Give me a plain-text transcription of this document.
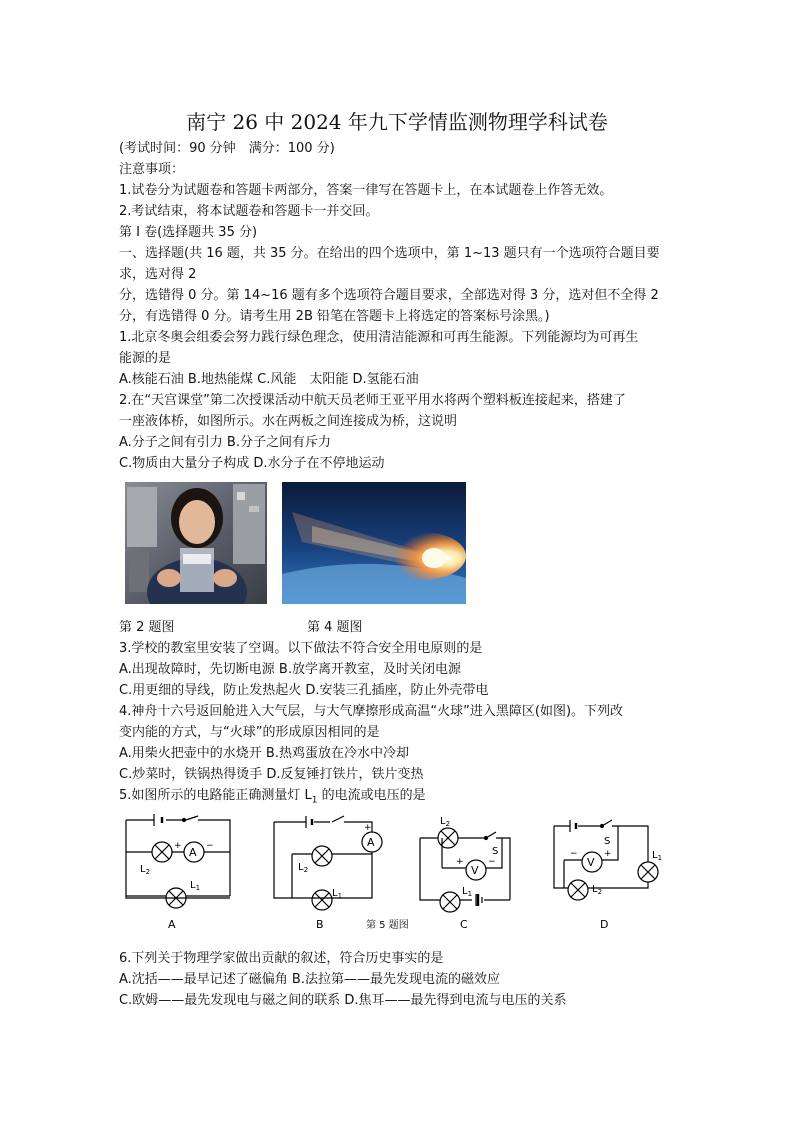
南宁 26 中 2024 年九下学情监测物理学科试卷
(考试时间：90 分钟　满分：100 分)
注意事项：
1.试卷分为试题卷和答题卡两部分，答案一律写在答题卡上，在本试题卷上作答无效。
2.考试结束，将本试题卷和答题卡一并交回。
第 I 卷(选择题共 35 分)
一、选择题(共 16 题，共 35 分。在给出的四个选项中，第 1~13 题只有一个选项符合题目要
求，选对得 2
分，选错得 0 分。第 14~16 题有多个选项符合题目要求，全部选对得 3 分，选对但不全得 2
分，有选错得 0 分。请考生用 2B 铅笔在答题卡上将选定的答案标号涂黑。)
1.北京冬奥会组委会努力践行绿色理念，使用清洁能源和可再生能源。下列能源均为可再生
能源的是
A.核能石油 B.地热能煤 C.风能　太阳能 D.氢能石油
2.在“天宫课堂”第二次授课活动中航天员老师王亚平用水将两个塑料板连接起来，搭建了
一座液体桥，如图所示。水在两板之间连接成为桥，这说明
A.分子之间有引力 B.分子之间有斥力
C.物质由大量分子构成 D.水分子在不停地运动
第 2 题图	第 4 题图
3.学校的教室里安装了空调。以下做法不符合安全用电原则的是
A.出现故障时，先切断电源 B.放学离开教室，及时关闭电源
C.用更细的导线，防止发热起火 D.安装三孔插座，防止外壳带电
4.神舟十六号返回舱进入大气层，与大气摩擦形成高温“火球”进入黑障区(如图)。下列改
变内能的方式，与“火球”的形成原因相同的是
A.用柴火把壶中的水烧开 B.热鸡蛋放在冷水中冷却
C.炒菜时，铁锅热得烫手 D.反复锤打铁片，铁片变热
5.如图所示的电路能正确测量灯 $L_1$ 的电流或电压的是
A
+	−
$L_2$
$L_1$
A
A
+
$L_2$
$L_1$
B	第 5 题图
V
+	−
$L_2$
S
$L_1$
C
V
−	+
S
$L_1$
$L_2$
D
6.下列关于物理学家做出贡献的叙述，符合历史事实的是
A.沈括——最早记述了磁偏角 B.法拉第——最先发现电流的磁效应
C.欧姆——最先发现电与磁之间的联系 D.焦耳——最先得到电流与电压的关系
